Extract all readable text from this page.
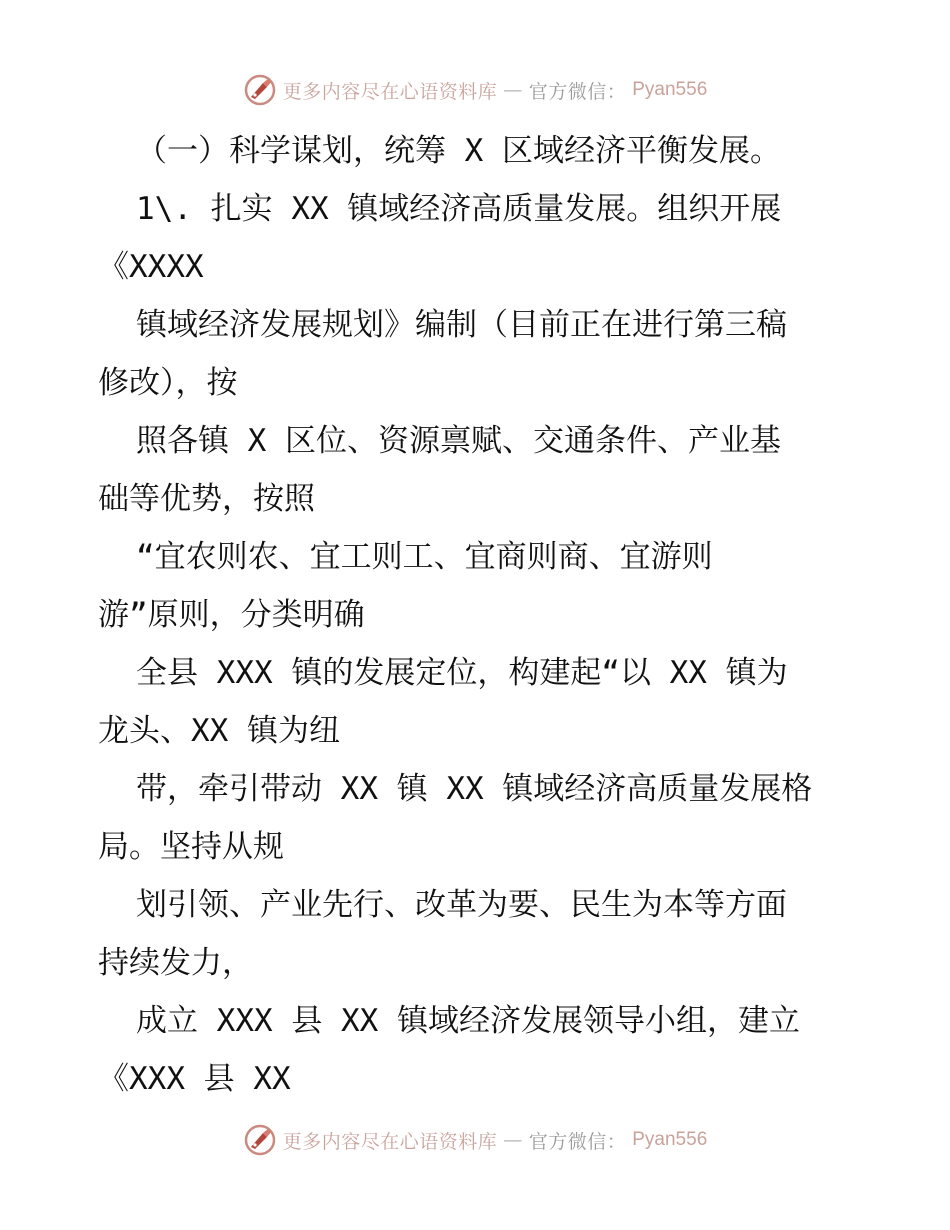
更多内容尽在心语资料库 — 官方微信： Pyan556
（一）科学谋划，统筹 X 区域经济平衡发展。
1\. 扎实 XX 镇域经济高质量发展。组织开展
《XXXX
镇域经济发展规划》编制（目前正在进行第三稿
修改），按
照各镇 X 区位、资源禀赋、交通条件、产业基
础等优势，按照
“宜农则农、宜工则工、宜商则商、宜游则
游”原则，分类明确
全县 XXX 镇的发展定位，构建起“以 XX 镇为
龙头、XX 镇为纽
带，牵引带动 XX 镇 XX 镇域经济高质量发展格
局。坚持从规
划引领、产业先行、改革为要、民生为本等方面
持续发力，
成立 XXX 县 XX 镇域经济发展领导小组，建立
《XXX 县 XX
更多内容尽在心语资料库 — 官方微信： Pyan556
